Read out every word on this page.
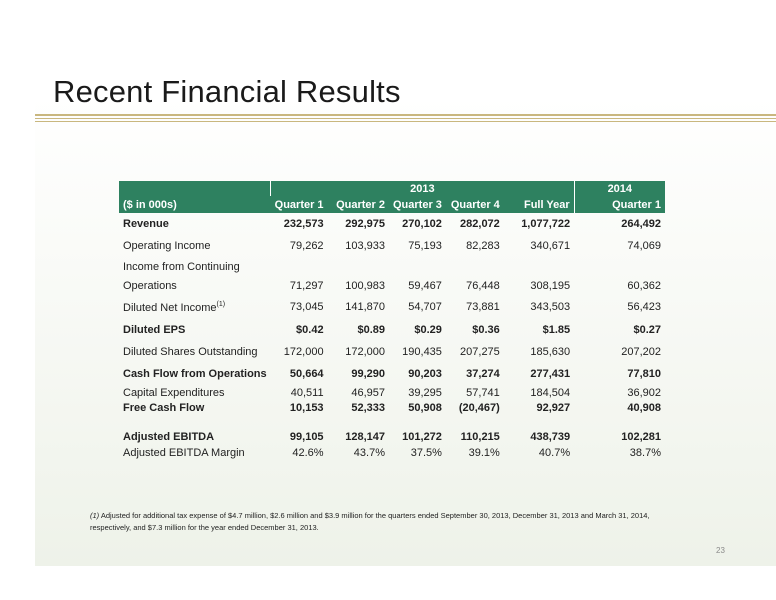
Recent Financial Results
	2013					2014
($ in 000s)	Quarter 1	Quarter 2	Quarter 3	Quarter 4	Full Year	Quarter 1
Revenue	232,573	292,975	270,102	282,072	1,077,722	264,492
Operating Income	79,262	103,933	75,193	82,283	340,671	74,069
Income from Continuing						
Operations	71,297	100,983	59,467	76,448	308,195	60,362
Diluted Net Income$^{(1)}$	73,045	141,870	54,707	73,881	343,503	56,423
Diluted EPS	$0.42	$0.89	$0.29	$0.36	$1.85	$0.27
Diluted Shares Outstanding	172,000	172,000	190,435	207,275	185,630	207,202
Cash Flow from Operations	50,664	99,290	90,203	37,274	277,431	77,810
Capital Expenditures	40,511	46,957	39,295	57,741	184,504	36,902
Free Cash Flow	10,153	52,333	50,908	(20,467)	92,927	40,908
Adjusted EBITDA	99,105	128,147	101,272	110,215	438,739	102,281
Adjusted EBITDA Margin	42.6%	43.7%	37.5%	39.1%	40.7%	38.7%
(1) Adjusted for additional tax expense of $4.7 million, $2.6 million and $3.9 million for the quarters ended September 30, 2013, December 31, 2013 and March 31, 2014,
respectively, and $7.3 million for the year ended December 31, 2013.
23
